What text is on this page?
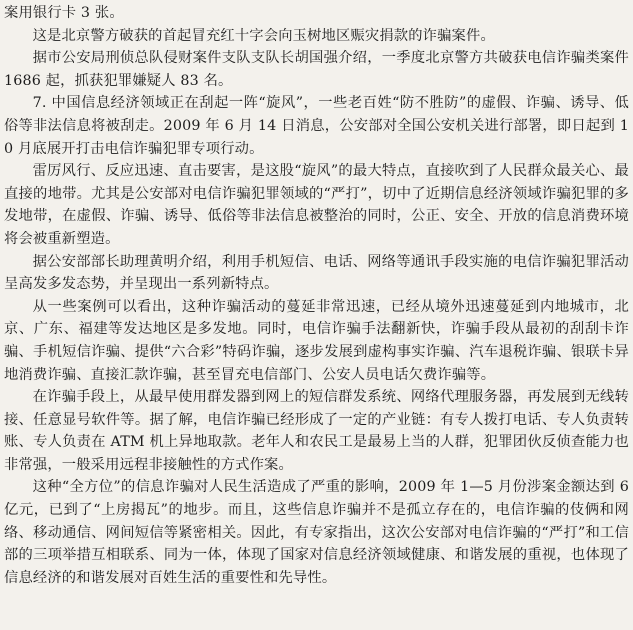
案用银行卡 3 张。

这是北京警方破获的首起冒充红十字会向玉树地区赈灾捐款的诈骗案件。

据市公安局刑侦总队侵财案件支队支队长胡国强介绍，一季度北京警方共破获电信诈骗类案件 1686 起，抓获犯罪嫌疑人 83 名。

7. 中国信息经济领域正在刮起一阵“旋风”，一些老百姓“防不胜防”的虚假、诈骗、诱导、低俗等非法信息将被刮走。2009 年 6 月 14 日消息，公安部对全国公安机关进行部署，即日起到 10 月底展开打击电信诈骗犯罪专项行动。

雷厉风行、反应迅速、直击要害，是这股“旋风”的最大特点，直接吹到了人民群众最关心、最直接的地带。尤其是公安部对电信诈骗犯罪领域的“严打”，切中了近期信息经济领域诈骗犯罪的多发地带，在虚假、诈骗、诱导、低俗等非法信息被整治的同时，公正、安全、开放的信息消费环境将会被重新塑造。

据公安部部长助理黄明介绍，利用手机短信、电话、网络等通讯手段实施的电信诈骗犯罪活动呈高发多发态势，并呈现出一系列新特点。

从一些案例可以看出，这种诈骗活动的蔓延非常迅速，已经从境外迅速蔓延到内地城市，北京、广东、福建等发达地区是多发地。同时，电信诈骗手法翻新快，诈骗手段从最初的刮刮卡诈骗、手机短信诈骗、提供“六合彩”特码诈骗，逐步发展到虚构事实诈骗、汽车退税诈骗、银联卡异地消费诈骗、直接汇款诈骗，甚至冒充电信部门、公安人员电话欠费诈骗等。

在诈骗手段上，从最早使用群发器到网上的短信群发系统、网络代理服务器，再发展到无线转接、任意显号软件等。据了解，电信诈骗已经形成了一定的产业链：有专人拨打电话、专人负责转账、专人负责在 ATM 机上异地取款。老年人和农民工是最易上当的人群，犯罪团伙反侦查能力也非常强，一般采用远程非接触性的方式作案。

这种“全方位”的信息诈骗对人民生活造成了严重的影响，2009 年 1—5 月份涉案金额达到 6 亿元，已到了“上房揭瓦”的地步。而且，这些信息诈骗并不是孤立存在的，电信诈骗的伎俩和网络、移动通信、网间短信等紧密相关。因此，有专家指出，这次公安部对电信诈骗的“严打”和工信部的三项举措互相联系、同为一体，体现了国家对信息经济领域健康、和谐发展的重视，也体现了信息经济的和谐发展对百姓生活的重要性和先导性。
